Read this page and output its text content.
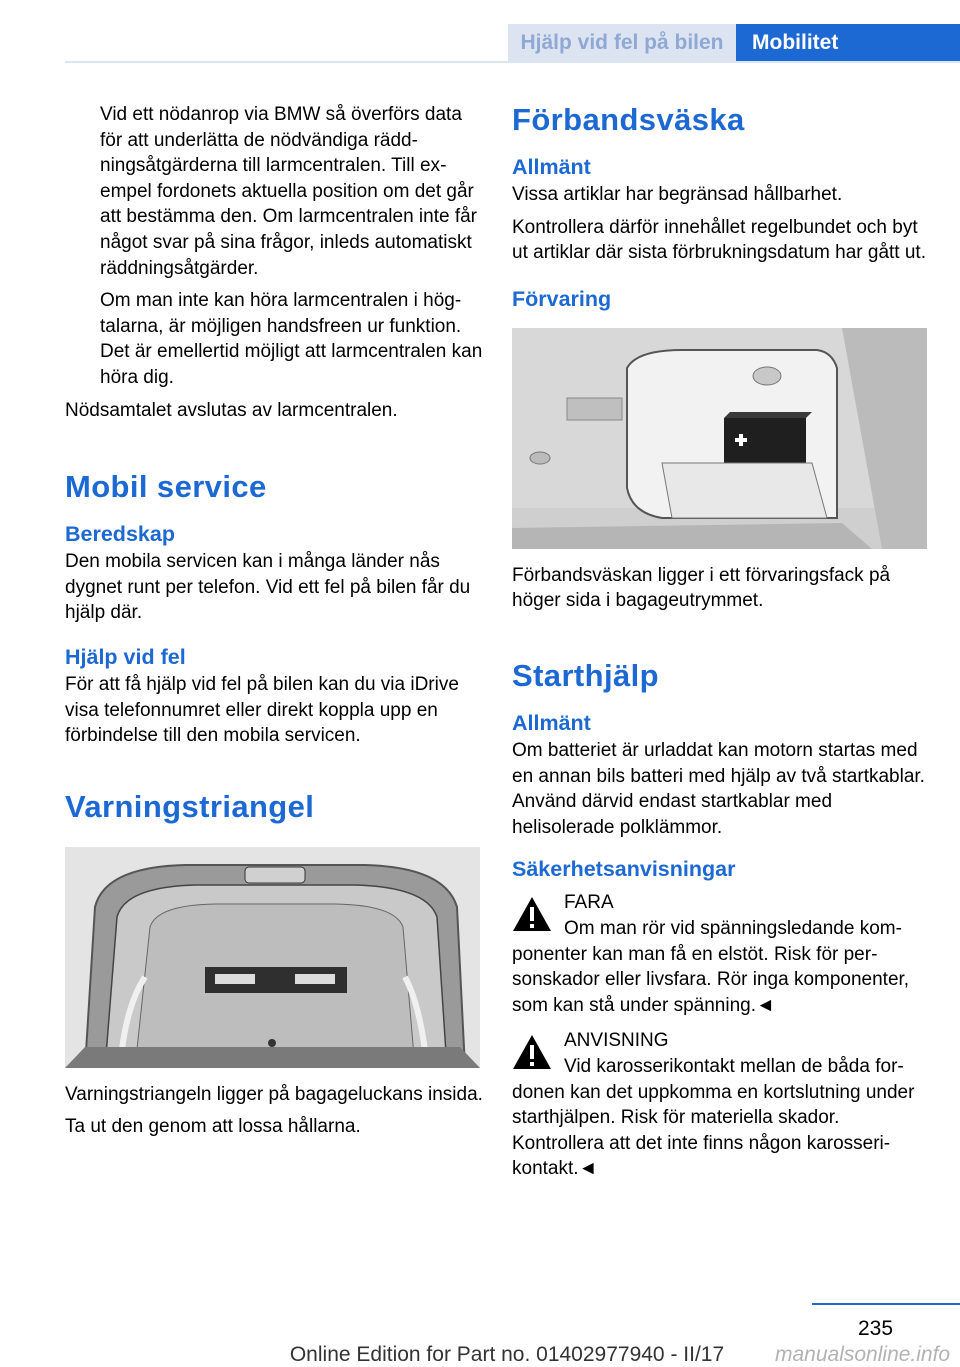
Hjälp vid fel på bilen	Mobilitet

Vid ett nödanrop via BMW så överförs data för att underlätta de nödvändiga räddningsåtgärderna till larmcentralen. Till exempel fordonets aktuella position om det går att bestämma den. Om larmcentralen inte får något svar på sina frågor, inleds automatiskt räddningsåtgärder.

Om man inte kan höra larmcentralen i högtalarna, är möjligen handsfreen ur funktion. Det är emellertid möjligt att larmcentralen kan höra dig.

Nödsamtalet avslutas av larmcentralen.

Mobil service
Beredskap

Den mobila servicen kan i många länder nås dygnet runt per telefon. Vid ett fel på bilen får du hjälp där.

Hjälp vid fel

För att få hjälp vid fel på bilen kan du via iDrive visa telefonnumret eller direkt koppla upp en förbindelse till den mobila servicen.

Varningstriangel

Varningstriangeln ligger på bagageluckans insida.

Ta ut den genom att lossa hållarna.

Förbandsväska
Allmänt

Vissa artiklar har begränsad hållbarhet.

Kontrollera därför innehållet regelbundet och byt ut artiklar där sista förbrukningsdatum har gått ut.

Förvaring

Förbandsväskan ligger i ett förvaringsfack på höger sida i bagageutrymmet.

Starthjälp
Allmänt

Om batteriet är urladdat kan motorn startas med en annan bils batteri med hjälp av två startkablar. Använd därvid endast startkablar med helisolerade polklämmor.

Säkerhetsanvisningar
FARA
Om man rör vid spänningsledande komponenter kan man få en elstöt. Risk för personskador eller livsfara. Rör inga komponenter, som kan stå under spänning.◄
ANVISNING
Vid karosserikontakt mellan de båda fordonen kan det uppkomma en kortslutning under starthjälpen. Risk för materiella skador. Kontrollera att det inte finns någon karosserikontakt.◄
235
Online Edition for Part no. 01402977940 - II/17	manualsonline.info
